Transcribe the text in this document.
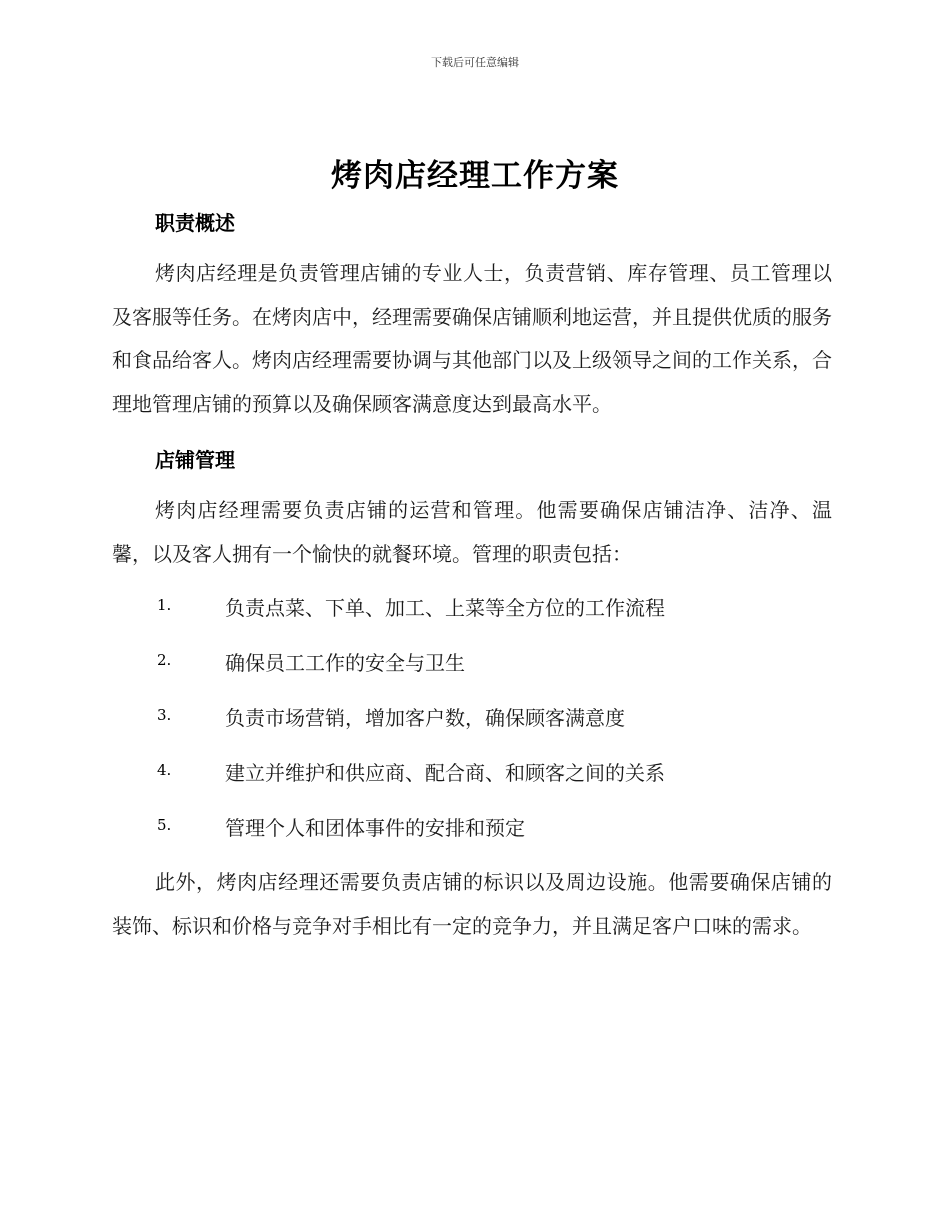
下载后可任意编辑
烤肉店经理工作方案
职责概述

烤肉店经理是负责管理店铺的专业人士，负责营销、库存管理、员工管理以及客服等任务。在烤肉店中，经理需要确保店铺顺利地运营，并且提供优质的服务和食品给客人。烤肉店经理需要协调与其他部门以及上级领导之间的工作关系，合理地管理店铺的预算以及确保顾客满意度达到最高水平。

店铺管理

烤肉店经理需要负责店铺的运营和管理。他需要确保店铺洁净、洁净、温馨，以及客人拥有一个愉快的就餐环境。管理的职责包括：

1.	负责点菜、下单、加工、上菜等全方位的工作流程
2.	确保员工工作的安全与卫生
3.	负责市场营销，增加客户数，确保顾客满意度
4.	建立并维护和供应商、配合商、和顾客之间的关系
5.	管理个人和团体事件的安排和预定

此外，烤肉店经理还需要负责店铺的标识以及周边设施。他需要确保店铺的装饰、标识和价格与竞争对手相比有一定的竞争力，并且满足客户口味的需求。
